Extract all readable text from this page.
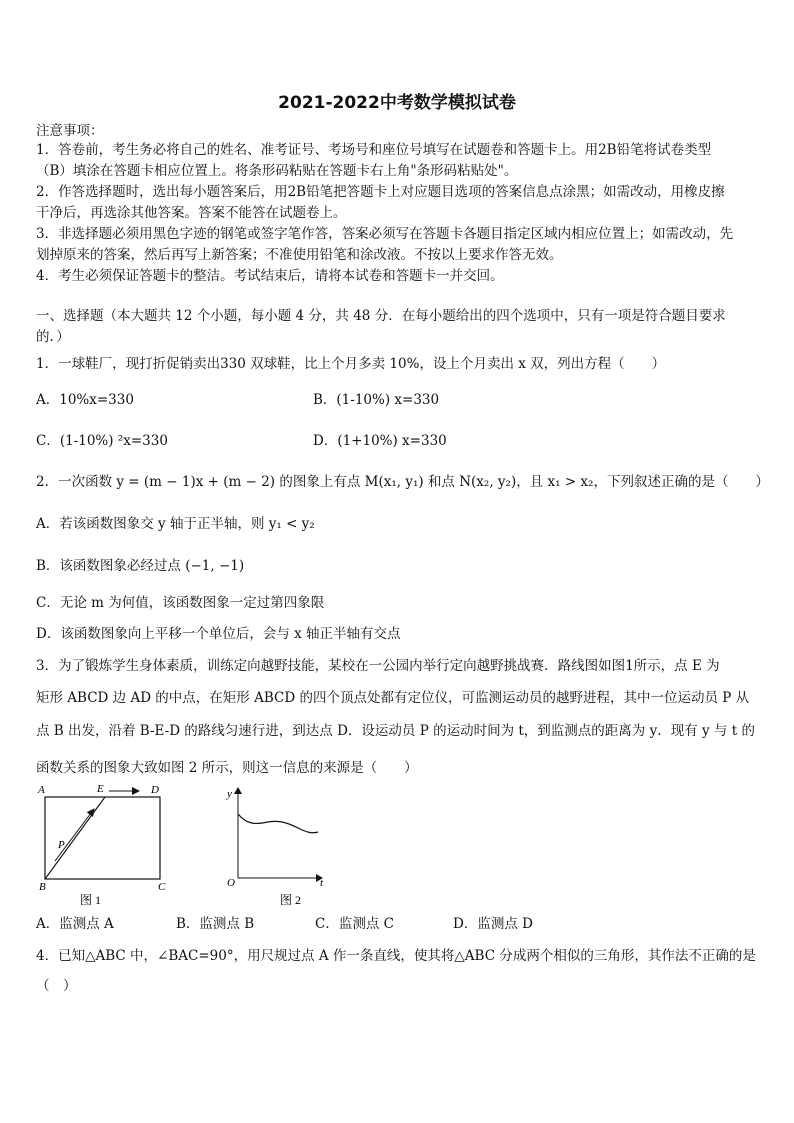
2021-2022中考数学模拟试卷
注意事项：
1．答卷前，考生务必将自己的姓名、准考证号、考场号和座位号填写在试题卷和答题卡上。用2B铅笔将试卷类型
（B）填涂在答题卡相应位置上。将条形码粘贴在答题卡右上角"条形码粘贴处"。
2．作答选择题时，选出每小题答案后，用2B铅笔把答题卡上对应题目选项的答案信息点涂黑；如需改动，用橡皮擦
干净后，再选涂其他答案。答案不能答在试题卷上。
3．非选择题必须用黑色字迹的钢笔或签字笔作答，答案必须写在答题卡各题目指定区域内相应位置上；如需改动，先
划掉原来的答案，然后再写上新答案；不准使用铅笔和涂改液。不按以上要求作答无效。
4．考生必须保证答题卡的整洁。考试结束后，请将本试卷和答题卡一并交回。
一、选择题（本大题共 12 个小题，每小题 4 分，共 48 分．在每小题给出的四个选项中，只有一项是符合题目要求
的．）
1．一球鞋厂，现打折促销卖出330 双球鞋，比上个月多卖 10%，设上个月卖出 x 双，列出方程（　　）
A．10%x=330	B．(1-10%) x=330
C．(1-10%) ²x=330	D．(1+10%) x=330
2．一次函数 y = (m − 1)x + (m − 2) 的图象上有点 M(x₁, y₁) 和点 N(x₂, y₂)，且 x₁ > x₂，下列叙述正确的是（　　）
A．若该函数图象交 y 轴于正半轴，则 y₁ < y₂
B．该函数图象必经过点 (−1, −1)
C．无论 m 为何值，该函数图象一定过第四象限
D．该函数图象向上平移一个单位后，会与 x 轴正半轴有交点
3．为了锻炼学生身体素质，训练定向越野技能，某校在一公园内举行定向越野挑战赛．路线图如图1所示，点 E 为
矩形 ABCD 边 AD 的中点，在矩形 ABCD 的四个顶点处都有定位仪，可监测运动员的越野进程，其中一位运动员 P 从
点 B 出发，沿着 B-E-D 的路线匀速行进，到达点 D．设运动员 P 的运动时间为 t，到监测点的距离为 y．现有 y 与 t 的
函数关系的图象大致如图 2 所示，则这一信息的来源是（　　）
A	E	D
P
B	C
图 1
y
O	t
图 2
A．监测点 A	B．监测点 B	C．监测点 C	D．监测点 D
4．已知△ABC 中，∠BAC=90°，用尺规过点 A 作一条直线，使其将△ABC 分成两个相似的三角形，其作法不正确的是
（　）
